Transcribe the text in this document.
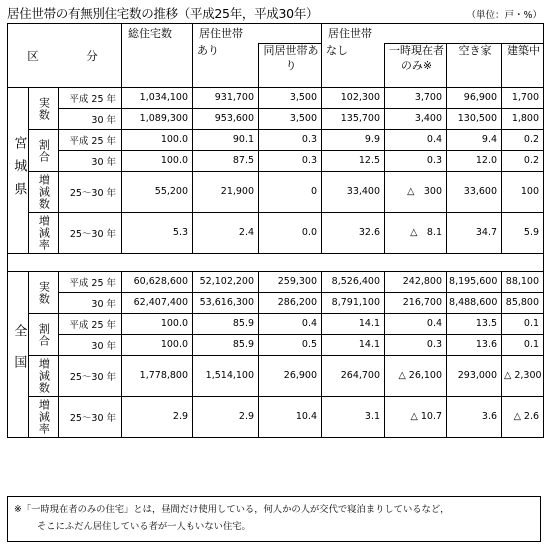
居住世帯の有無別住宅数の推移（平成25年，平成30年）	（単位：戸・%）
区　分			総住宅数	居住世帯		居住世帯			
				あり	同居世帯あり	なし	一時現在者のみ※	空き家	建築中
宮城県	実数	平成 25 年	1,034,100	931,700	3,500	102,300	3,700	96,900	1,700
		30 年	1,089,300	953,600	3,500	135,700	3,400	130,500	1,800
	割合	平成 25 年	100.0	90.1	0.3	9.9	0.4	9.4	0.2
		30 年	100.0	87.5	0.3	12.5	0.3	12.0	0.2
	増減数	25～30 年	55,200	21,900	0	33,400	△　300	33,600	100
	増減率	25～30 年	5.3	2.4	0.0	32.6	△　8.1	34.7	5.9

全国	実数	平成 25 年	60,628,600	52,102,200	259,300	8,526,400	242,800	8,195,600	88,100
		30 年	62,407,400	53,616,300	286,200	8,791,100	216,700	8,488,600	85,800
	割合	平成 25 年	100.0	85.9	0.4	14.1	0.4	13.5	0.1
		30 年	100.0	85.9	0.5	14.1	0.3	13.6	0.1
	増減数	25～30 年	1,778,800	1,514,100	26,900	264,700	△ 26,100	293,000	△ 2,300
	増減率	25～30 年	2.9	2.9	10.4	3.1	△ 10.7	3.6	△ 2.6
※「一時現在者のみの住宅」とは，昼間だけ使用している，何人かの人が交代で寝泊まりしているなど，
そこにふだん居住している者が一人もいない住宅。
